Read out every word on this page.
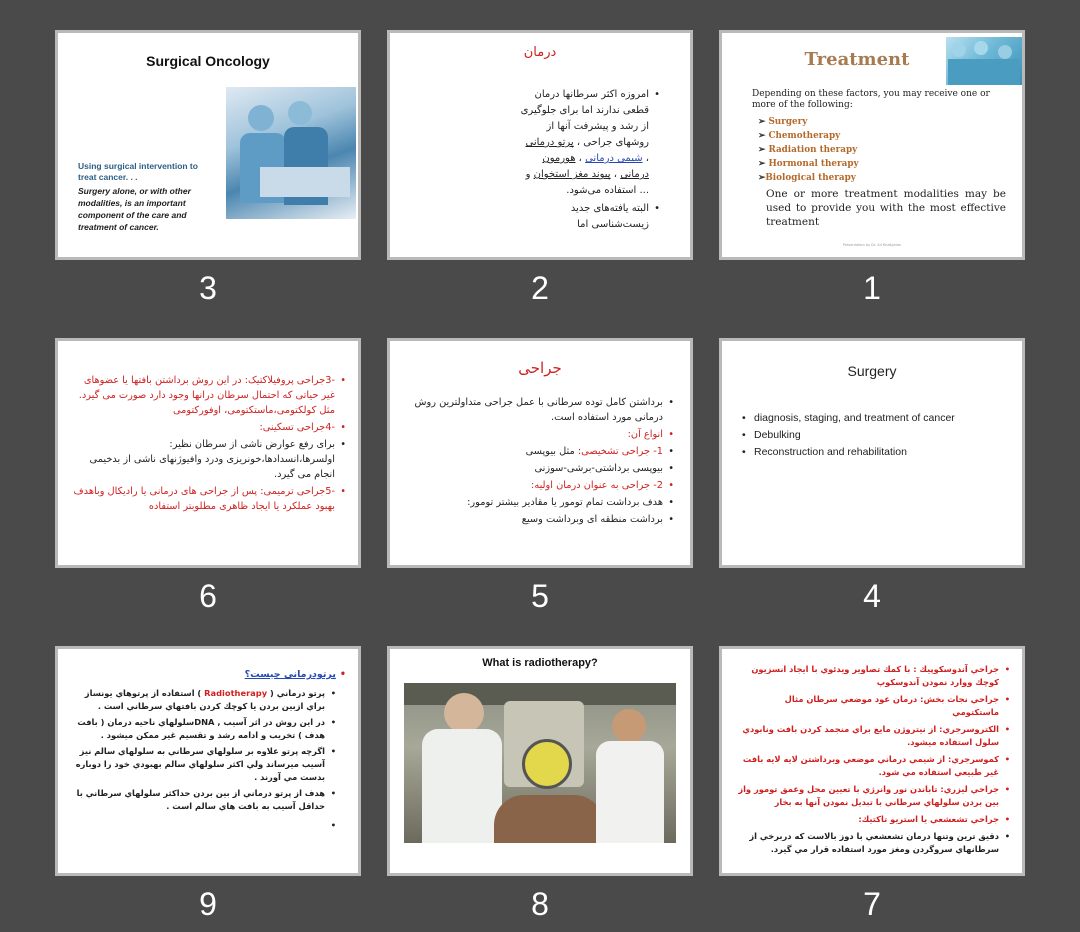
Surgical Oncology
Using surgical intervention to treat cancer. . .
Surgery alone, or with other modalities, is an important component of the care and treatment of cancer.
3
درمان
• امروزه اکثر سرطانها درمان قطعی ندارند اما برای جلوگیری از رشد و پیشرفت آنها از روشهای جراحی ، پرتو درمانی ، شیمی درمانی ، هورمون درمانی ، پیوند مغز استخوان و ... استفاده می‌شود.
• البته یافته‌های جدید زیست‌شناسی اما
2
Treatment
Depending on these factors, you may receive one or more of the following:
➢ Surgery
➢ Chemotherapy
➢ Radiation therapy
➢ Hormonal therapy
➢Biological therapy
One or more treatment modalities may be used to provide you with the most effective treatment
Presentation by Dr. Ali Khalighian
1
• -3جراحی پروفیلاکتیک: در این روش برداشتن بافتها یا عضوهای غیر حیاتی که احتمال سرطان درانها وجود دارد صورت می گیرد. مثل کولکتومی،ماستکتومی، اوفورکتومی
• -4جراحی تسکینی:
• برای رفع عوارض ناشی از سرطان نظیر: اولسرها،انسدادها،خونریزی ودرد وافیوژنهای ناشی از بدخیمی انجام می گیرد.
• -5جراحی ترمیمی: پس از جراحی های درمانی یا رادیکال وباهدف بهبود عملکرد یا ایجاد ظاهری مطلوبتر استفاده
6
جراحی
• برداشتن کامل توده سرطانی با عمل جراحی متداولترین روش درمانی مورد استفاده است.
• انواع آن:
• 1- جراحی تشخیصی: مثل بیوپسی
• بیوپسی برداشتی-برشی-سوزنی
• 2- جراحی به عنوان درمان اولیه:
• هدف برداشت تمام تومور یا مقادیر بیشتر تومور:
• برداشت منطقه ای وبرداشت وسیع
5
Surgery
• diagnosis, staging, and treatment of cancer
• Debulking
• Reconstruction and rehabilitation
4
•پرتودرماني چيست؟
• پرتو درماني ( Radiotherapy ) استفاده از پرتوهاي يونساز براي ازبين بردن يا كوچك كردن بافتهاي سرطاني است .
• در اين روش در اثر آسيب , DNAسلولهاي ناحيه درمان ( بافت هدف ) تخريب و ادامه رشد و تقسيم غير ممكن ميشود .
• اگرچه پرتو علاوه بر سلولهاي سرطاني به سلولهاي سالم نيز آسيب ميرساند ولي اكثر سلولهاي سالم بهبودي خود را دوباره بدست مي آورند .
• هدف از پرتو درماني از بين بردن حداكثر سلولهاي سرطاني با حداقل آسيب به بافت هاي سالم است .
9
What is radiotherapy?
8
• جراحي آندوسكوپيك : با كمك تصاوير ويدئوي با ايجاد انسزيون كوچك ووارد نمودن آندوسكوپ
• جراحي نجات بخش: درمان عود موضعي سرطان مثال ماستكتومي
• الكتروسرجري: از نيتروژن مايع براي منجمد كردن بافت ونابودي سلول استفاده ميشود.
• كموسرجري: از شيمي درماني موضعي وبرداشتن لايه لايه بافت غير طبيعي استفاده مي شود.
• جراحي ليزري: تاباندن نور وانرژي با تعيين محل وعمق تومور واز بين بردن سلولهاي سرطاني با تبديل نمودن آنها به بخار
• جراحي تشعشعي يا استريو تاكتيك:
• دقيق ترين وتنها درمان تشعشعي با دوز بالاست كه دربرخي از سرطانهاي سروگردن ومغز مورد استفاده قرار مي گيرد.
7
